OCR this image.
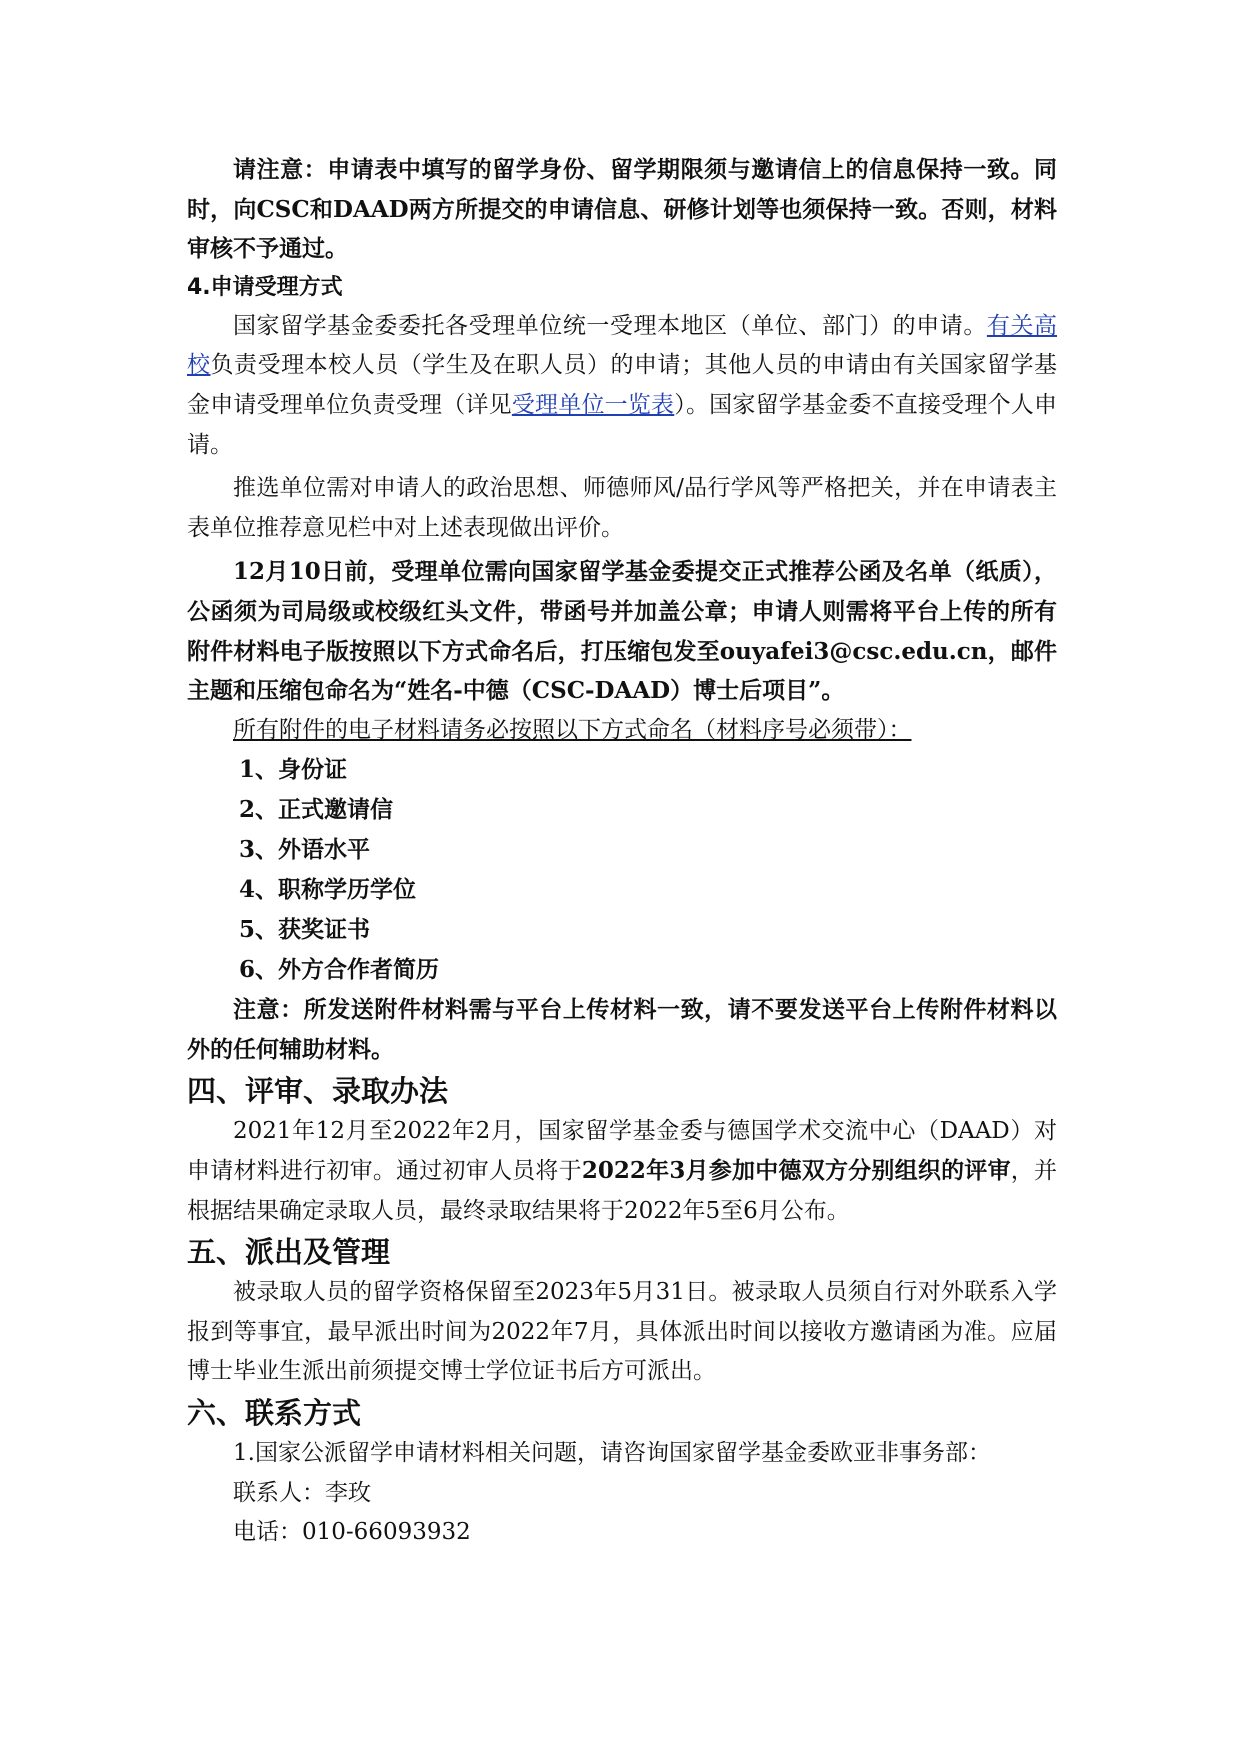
请注意：申请表中填写的留学身份、留学期限须与邀请信上的信息保持一致。同时，向CSC和DAAD两方所提交的申请信息、研修计划等也须保持一致。否则，材料审核不予通过。

4.申请受理方式

国家留学基金委委托各受理单位统一受理本地区（单位、部门）的申请。有关高校负责受理本校人员（学生及在职人员）的申请；其他人员的申请由有关国家留学基金申请受理单位负责受理（详见受理单位一览表）。国家留学基金委不直接受理个人申请。

推选单位需对申请人的政治思想、师德师风/品行学风等严格把关，并在申请表主表单位推荐意见栏中对上述表现做出评价。

12月10日前，受理单位需向国家留学基金委提交正式推荐公函及名单（纸质），公函须为司局级或校级红头文件，带函号并加盖公章；申请人则需将平台上传的所有附件材料电子版按照以下方式命名后，打压缩包发至ouyafei3@csc.edu.cn，邮件主题和压缩包命名为“姓名-中德（CSC-DAAD）博士后项目”。

所有附件的电子材料请务必按照以下方式命名（材料序号必须带）：

1、身份证
2、正式邀请信
3、外语水平
4、职称学历学位
5、获奖证书
6、外方合作者简历

注意：所发送附件材料需与平台上传材料一致，请不要发送平台上传附件材料以外的任何辅助材料。

四、评审、录取办法

2021年12月至2022年2月，国家留学基金委与德国学术交流中心（DAAD）对申请材料进行初审。通过初审人员将于2022年3月参加中德双方分别组织的评审，并根据结果确定录取人员，最终录取结果将于2022年5至6月公布。

五、派出及管理

被录取人员的留学资格保留至2023年5月31日。被录取人员须自行对外联系入学报到等事宜，最早派出时间为2022年7月，具体派出时间以接收方邀请函为准。应届博士毕业生派出前须提交博士学位证书后方可派出。

六、联系方式

1.国家公派留学申请材料相关问题，请咨询国家留学基金委欧亚非事务部：

联系人：李玫

电话：010-66093932
